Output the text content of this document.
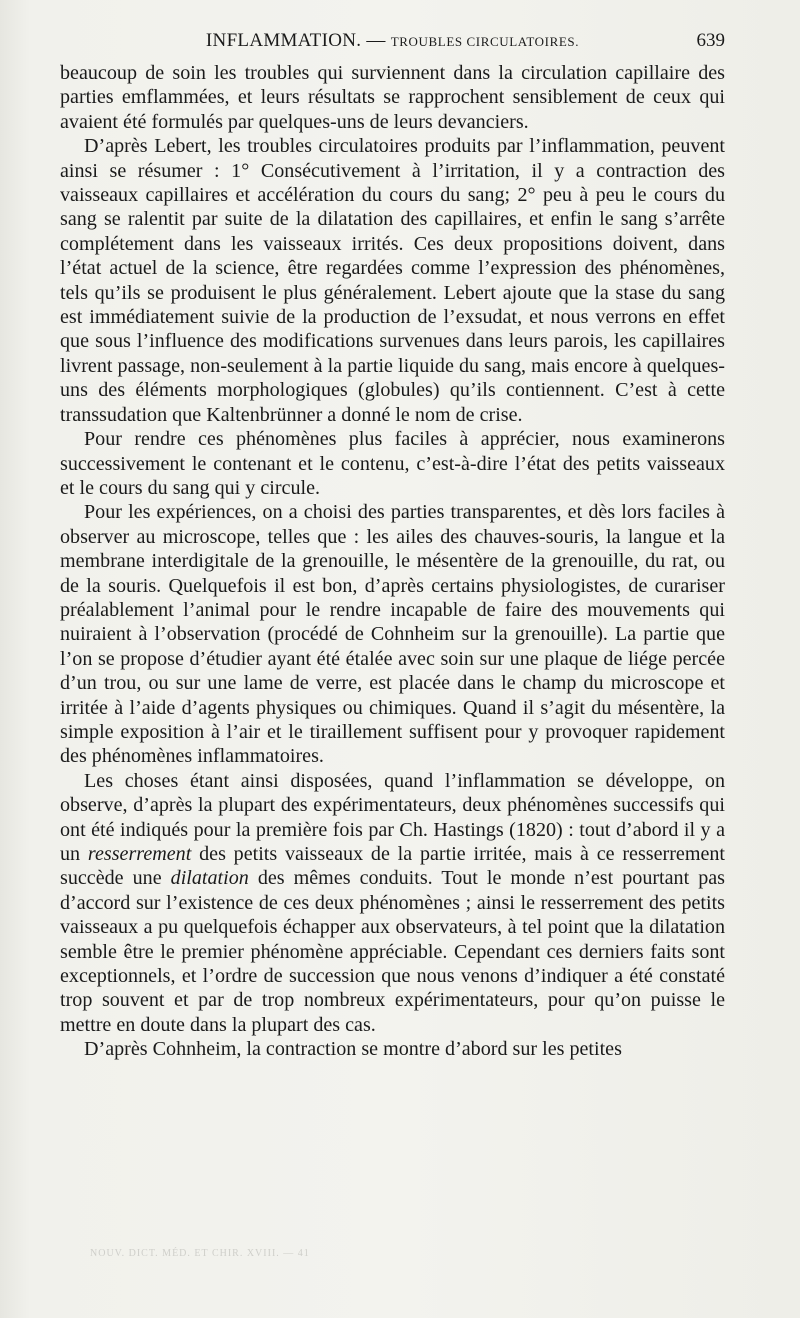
INFLAMMATION. — TROUBLES CIRCULATOIRES.	639

beaucoup de soin les troubles qui surviennent dans la circulation capillaire des parties emflammées, et leurs résultats se rapprochent sensiblement de ceux qui avaient été formulés par quelques-uns de leurs devanciers.

D’après Lebert, les troubles circulatoires produits par l’inflammation, peuvent ainsi se résumer : 1° Consécutivement à l’irritation, il y a contraction des vaisseaux capillaires et accélération du cours du sang; 2° peu à peu le cours du sang se ralentit par suite de la dilatation des capillaires, et enfin le sang s’arrête complétement dans les vaisseaux irrités. Ces deux propositions doivent, dans l’état actuel de la science, être regardées comme l’expression des phénomènes, tels qu’ils se produisent le plus généralement. Lebert ajoute que la stase du sang est immédiatement suivie de la production de l’exsudat, et nous verrons en effet que sous l’influence des modifications survenues dans leurs parois, les capillaires livrent passage, non-seulement à la partie liquide du sang, mais encore à quelques-uns des éléments morphologiques (globules) qu’ils contiennent. C’est à cette transsudation que Kaltenbrünner a donné le nom de crise.

Pour rendre ces phénomènes plus faciles à apprécier, nous examinerons successivement le contenant et le contenu, c’est-à-dire l’état des petits vaisseaux et le cours du sang qui y circule.

Pour les expériences, on a choisi des parties transparentes, et dès lors faciles à observer au microscope, telles que : les ailes des chauves-souris, la langue et la membrane interdigitale de la grenouille, le mésentère de la grenouille, du rat, ou de la souris. Quelquefois il est bon, d’après certains physiologistes, de curariser préalablement l’animal pour le rendre incapable de faire des mouvements qui nuiraient à l’observation (procédé de Cohnheim sur la grenouille). La partie que l’on se propose d’étudier ayant été étalée avec soin sur une plaque de liége percée d’un trou, ou sur une lame de verre, est placée dans le champ du microscope et irritée à l’aide d’agents physiques ou chimiques. Quand il s’agit du mésentère, la simple exposition à l’air et le tiraillement suffisent pour y provoquer rapidement des phénomènes inflammatoires.

Les choses étant ainsi disposées, quand l’inflammation se développe, on observe, d’après la plupart des expérimentateurs, deux phénomènes successifs qui ont été indiqués pour la première fois par Ch. Hastings (1820) : tout d’abord il y a un resserrement des petits vaisseaux de la partie irritée, mais à ce resserrement succède une dilatation des mêmes conduits. Tout le monde n’est pourtant pas d’accord sur l’existence de ces deux phénomènes ; ainsi le resserrement des petits vaisseaux a pu quelquefois échapper aux observateurs, à tel point que la dilatation semble être le premier phénomène appréciable. Cependant ces derniers faits sont exceptionnels, et l’ordre de succession que nous venons d’indiquer a été constaté trop souvent et par de trop nombreux expérimentateurs, pour qu’on puisse le mettre en doute dans la plupart des cas.

D’après Cohnheim, la contraction se montre d’abord sur les petites

NOUV. DICT. MÉD. ET CHIR. XVIII. — 41
